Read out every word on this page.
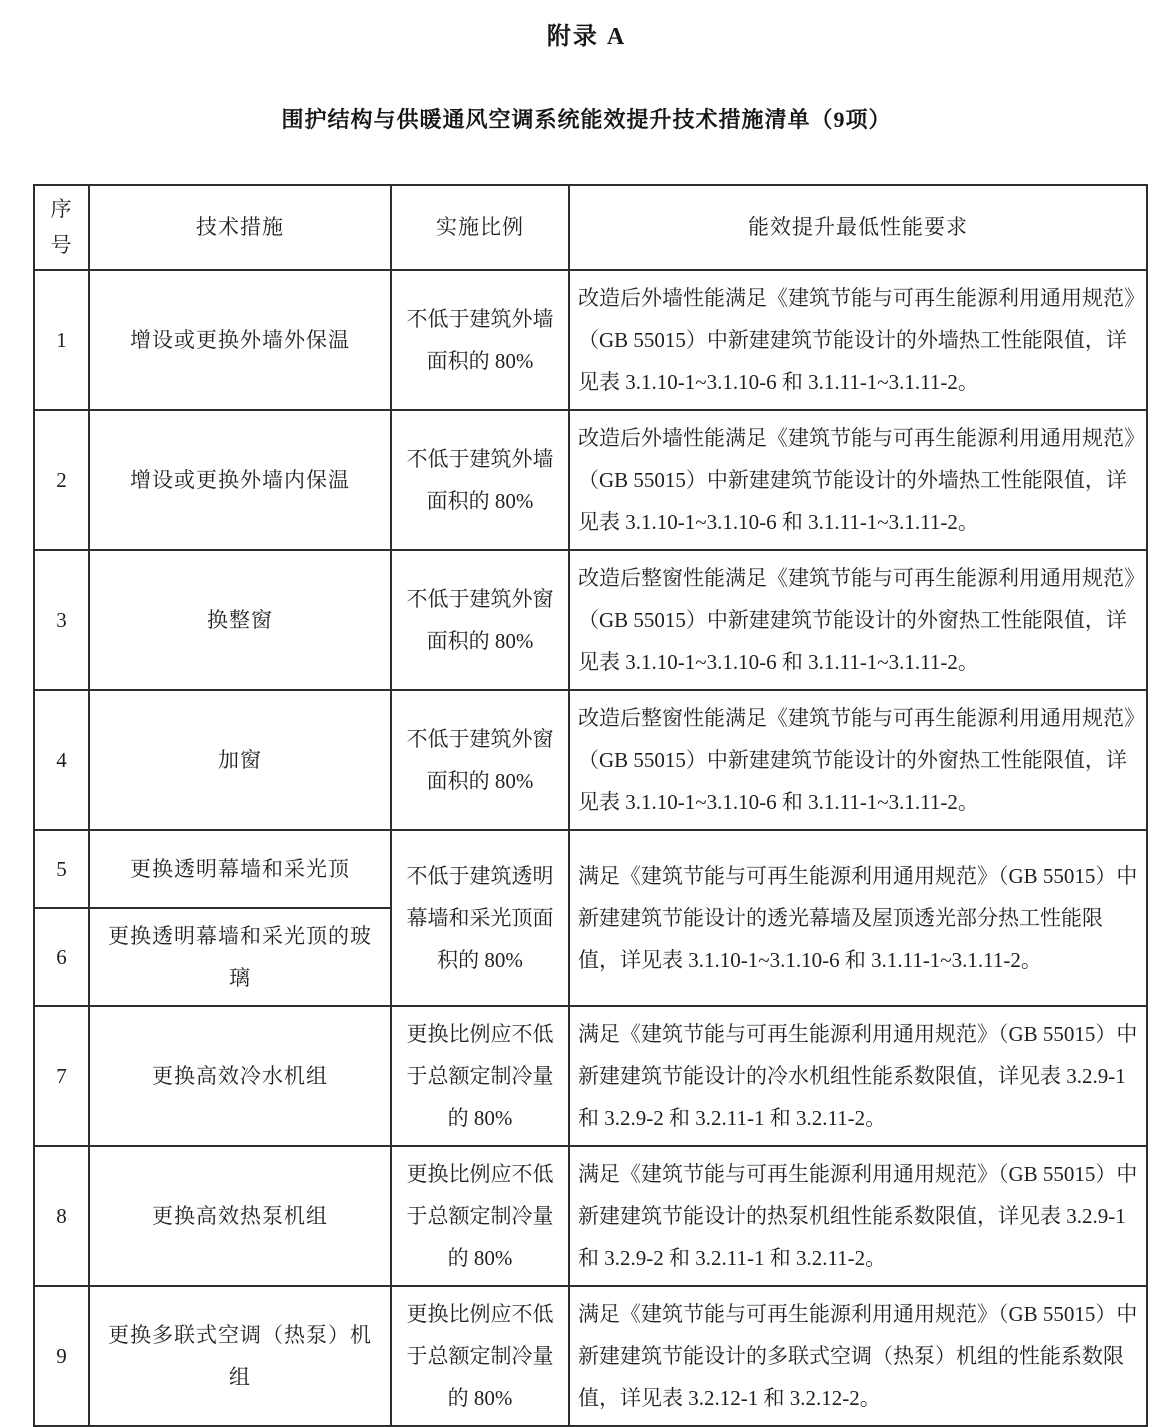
附录 A
围护结构与供暖通风空调系统能效提升技术措施清单（9项）
序号	技术措施	实施比例	能效提升最低性能要求
1	增设或更换外墙外保温	不低于建筑外墙面积的 80%	改造后外墙性能满足《建筑节能与可再生能源利用通用规范》（GB 55015）中新建建筑节能设计的外墙热工性能限值，详见表 3.1.10-1~3.1.10-6 和 3.1.11-1~3.1.11-2。
2	增设或更换外墙内保温	不低于建筑外墙面积的 80%	改造后外墙性能满足《建筑节能与可再生能源利用通用规范》（GB 55015）中新建建筑节能设计的外墙热工性能限值，详见表 3.1.10-1~3.1.10-6 和 3.1.11-1~3.1.11-2。
3	换整窗	不低于建筑外窗面积的 80%	改造后整窗性能满足《建筑节能与可再生能源利用通用规范》（GB 55015）中新建建筑节能设计的外窗热工性能限值，详见表 3.1.10-1~3.1.10-6 和 3.1.11-1~3.1.11-2。
4	加窗	不低于建筑外窗面积的 80%	改造后整窗性能满足《建筑节能与可再生能源利用通用规范》（GB 55015）中新建建筑节能设计的外窗热工性能限值，详见表 3.1.10-1~3.1.10-6 和 3.1.11-1~3.1.11-2。
5	更换透明幕墙和采光顶	不低于建筑透明幕墙和采光顶面积的 80%	满足《建筑节能与可再生能源利用通用规范》（GB 55015）中新建建筑节能设计的透光幕墙及屋顶透光部分热工性能限值，详见表 3.1.10-1~3.1.10-6 和 3.1.11-1~3.1.11-2。
6	更换透明幕墙和采光顶的玻璃		
7	更换高效冷水机组	更换比例应不低于总额定制冷量的 80%	满足《建筑节能与可再生能源利用通用规范》（GB 55015）中新建建筑节能设计的冷水机组性能系数限值，详见表 3.2.9-1 和 3.2.9-2 和 3.2.11-1 和 3.2.11-2。
8	更换高效热泵机组	更换比例应不低于总额定制冷量的 80%	满足《建筑节能与可再生能源利用通用规范》（GB 55015）中新建建筑节能设计的热泵机组性能系数限值，详见表 3.2.9-1 和 3.2.9-2 和 3.2.11-1 和 3.2.11-2。
9	更换多联式空调（热泵）机组	更换比例应不低于总额定制冷量的 80%	满足《建筑节能与可再生能源利用通用规范》（GB 55015）中新建建筑节能设计的多联式空调（热泵）机组的性能系数限值，详见表 3.2.12-1 和 3.2.12-2。
